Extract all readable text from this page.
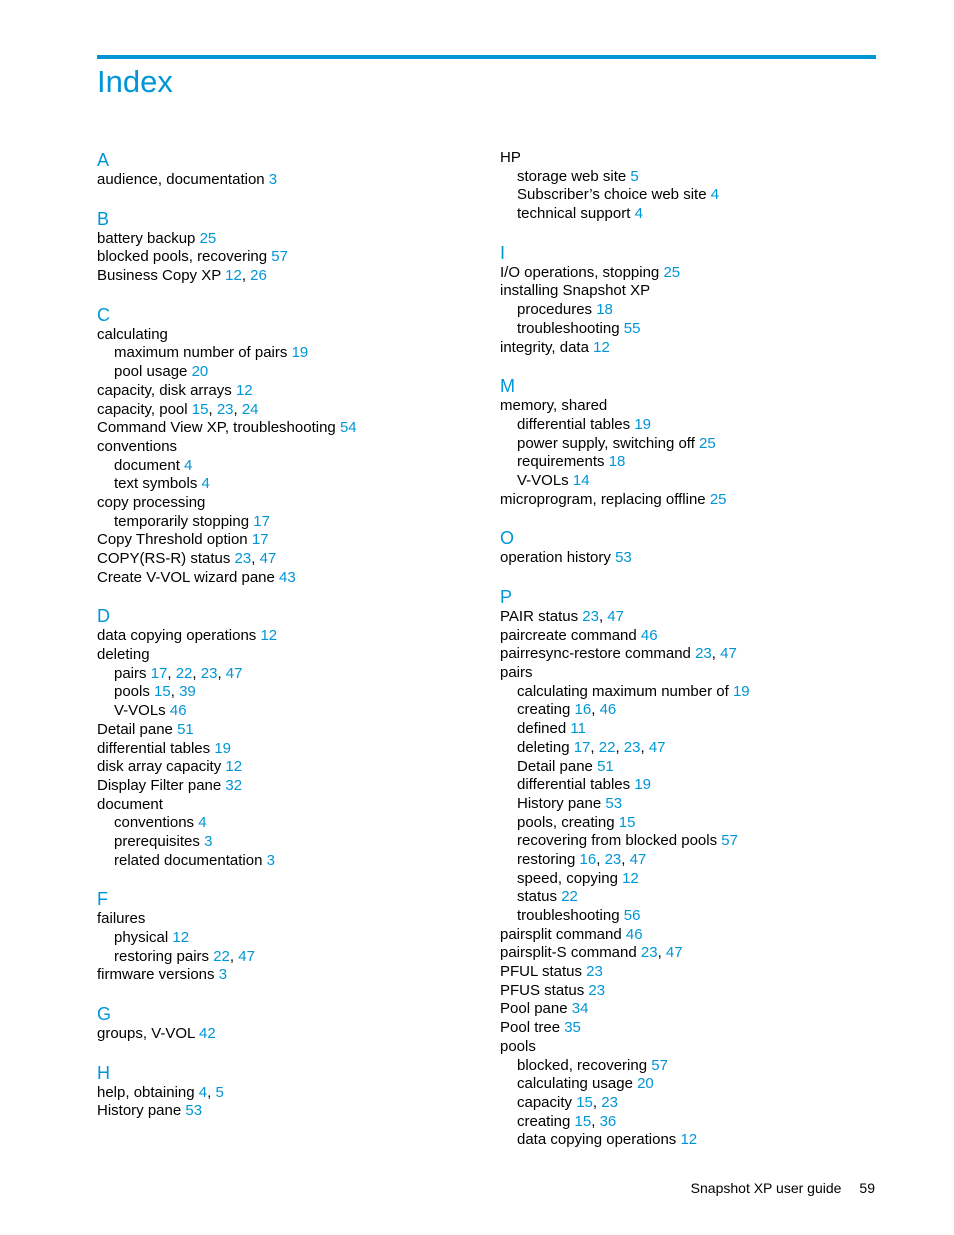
Index
A
audience, documentation 3
B
battery backup 25
blocked pools, recovering 57
Business Copy XP 12, 26
C
calculating
maximum number of pairs 19
pool usage 20
capacity, disk arrays 12
capacity, pool 15, 23, 24
Command View XP, troubleshooting 54
conventions
document 4
text symbols 4
copy processing
temporarily stopping 17
Copy Threshold option 17
COPY(RS-R) status 23, 47
Create V-VOL wizard pane 43
D
data copying operations 12
deleting
pairs 17, 22, 23, 47
pools 15, 39
V-VOLs 46
Detail pane 51
differential tables 19
disk array capacity 12
Display Filter pane 32
document
conventions 4
prerequisites 3
related documentation 3
F
failures
physical 12
restoring pairs 22, 47
firmware versions 3
G
groups, V-VOL 42
H
help, obtaining 4, 5
History pane 53
HP
storage web site 5
Subscriber’s choice web site 4
technical support 4
I
I/O operations, stopping 25
installing Snapshot XP
procedures 18
troubleshooting 55
integrity, data 12
M
memory, shared
differential tables 19
power supply, switching off 25
requirements 18
V-VOLs 14
microprogram, replacing offline 25
O
operation history 53
P
PAIR status 23, 47
paircreate command 46
pairresync-restore command 23, 47
pairs
calculating maximum number of 19
creating 16, 46
defined 11
deleting 17, 22, 23, 47
Detail pane 51
differential tables 19
History pane 53
pools, creating 15
recovering from blocked pools 57
restoring 16, 23, 47
speed, copying 12
status 22
troubleshooting 56
pairsplit command 46
pairsplit-S command 23, 47
PFUL status 23
PFUS status 23
Pool pane 34
Pool tree 35
pools
blocked, recovering 57
calculating usage 20
capacity 15, 23
creating 15, 36
data copying operations 12
Snapshot XP user guide 59
